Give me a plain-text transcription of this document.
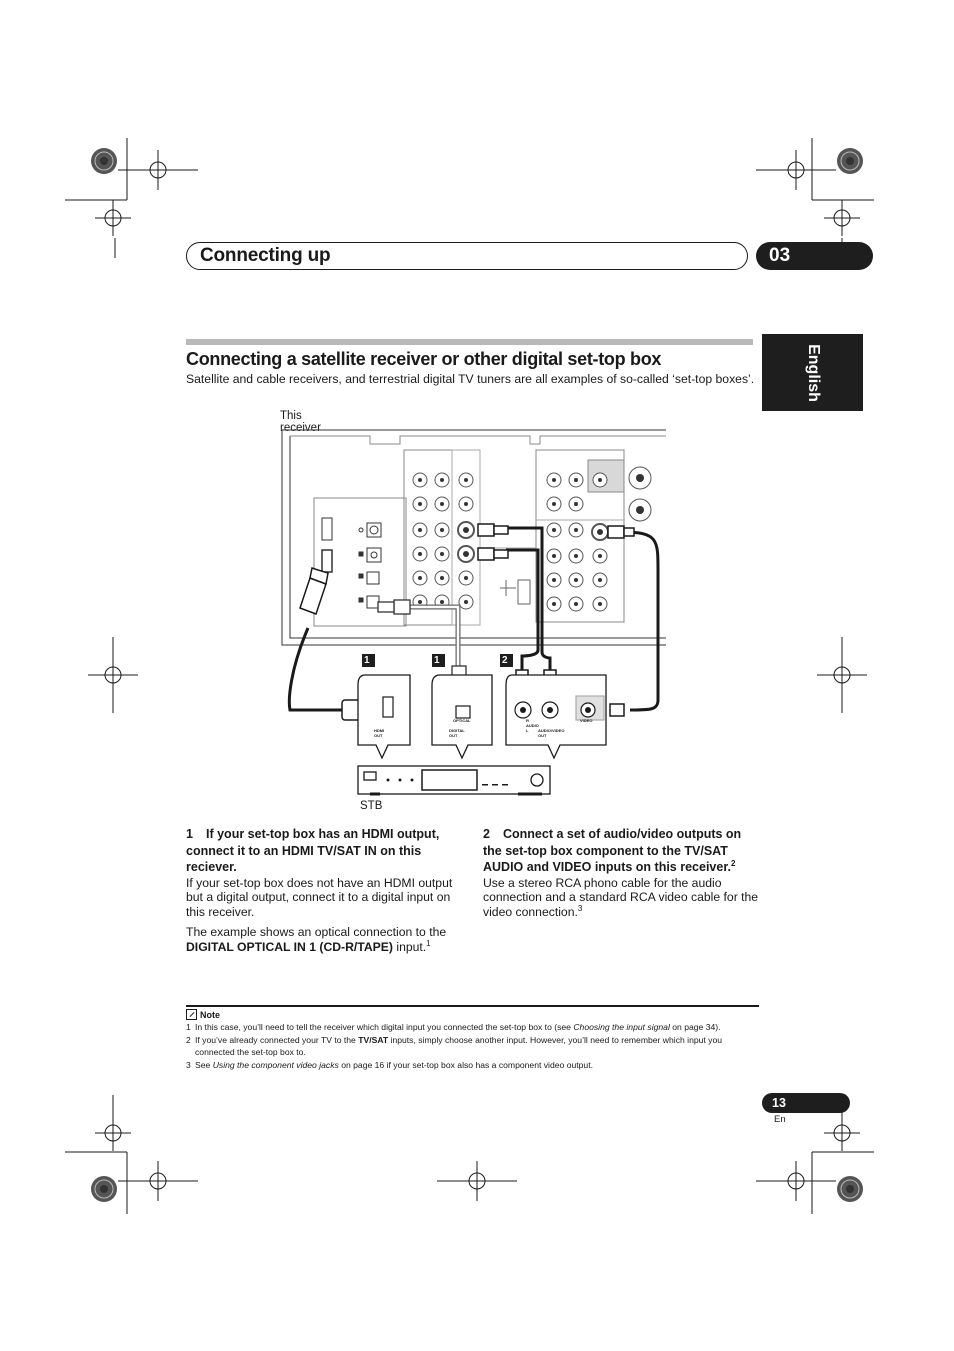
Connecting up	03
English
Connecting a satellite receiver or other digital set-top box
Satellite and cable receivers, and terrestrial digital TV tuners are all examples of so-called ‘set-top boxes’.
This receiver
1	1	2
HDMI OUT
OPTICAL
DIGITAL OUT
R AUDIO L
VIDEO
AUDIO/VIDEO OUT
STB

1 If your set-top box has an HDMI output, connect it to an HDMI TV/SAT IN on this reciever.

If your set-top box does not have an HDMI output but a digital output, connect it to a digital input on this receiver.

The example shows an optical connection to the DIGITAL OPTICAL IN 1 (CD-R/TAPE) input.$^1$

2 Connect a set of audio/video outputs on the set-top box component to the TV/SAT AUDIO and VIDEO inputs on this receiver.$^2$

Use a stereo RCA phono cable for the audio connection and a standard RCA video cable for the video connection.$^3$

Note
1 In this case, you’ll need to tell the receiver which digital input you connected the set-top box to (see Choosing the input signal on page 34).
2 If you’ve already connected your TV to the TV/SAT inputs, simply choose another input. However, you’ll need to remember which input you connected the set-top box to.
3 See Using the component video jacks on page 16 if your set-top box also has a component video output.
13
En
